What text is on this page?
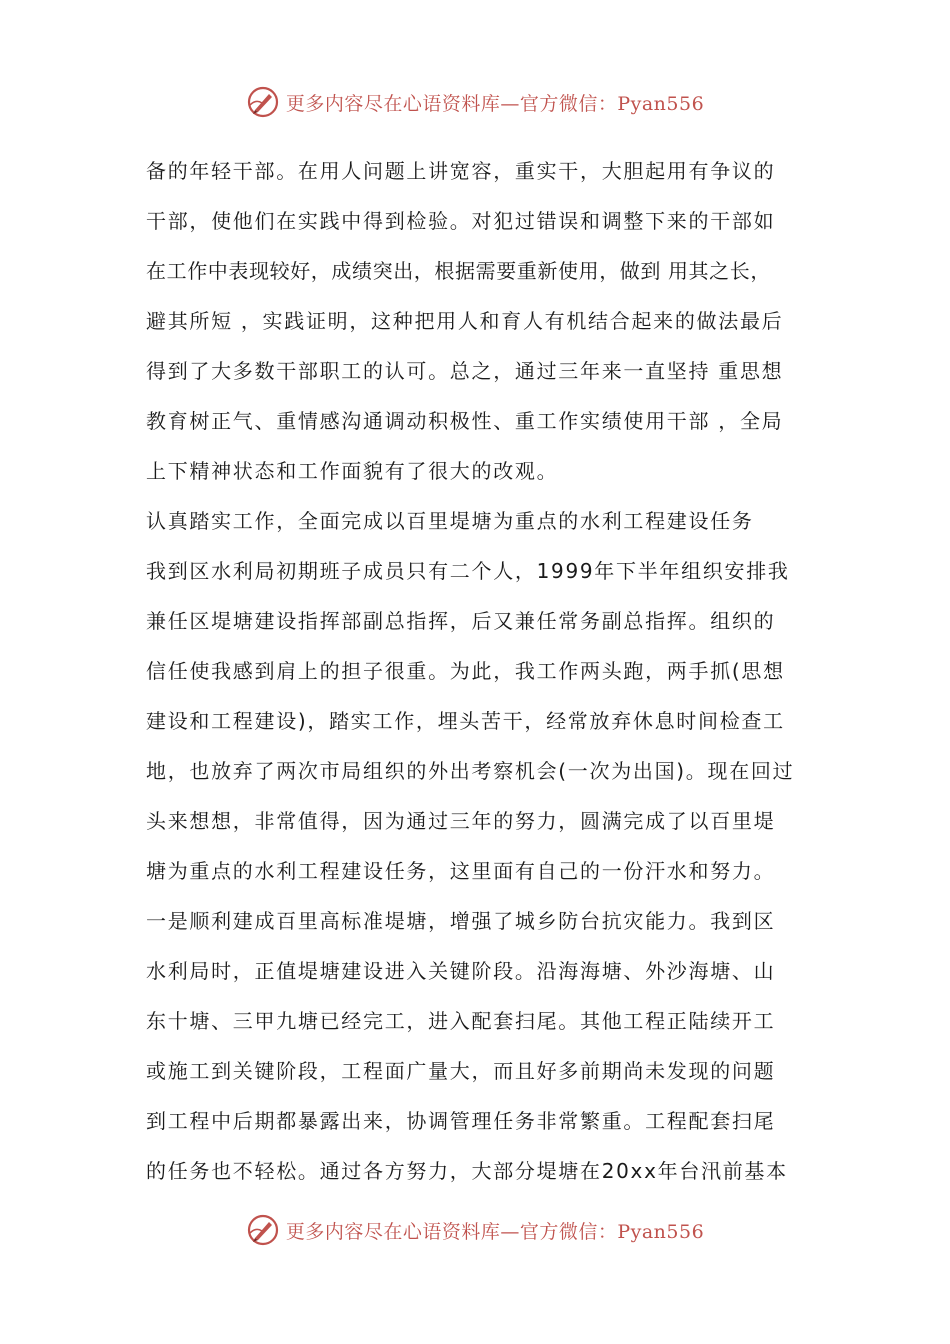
更多内容尽在心语资料库—官方微信：Pyan556
备的年轻干部。在用人问题上讲宽容，重实干，大胆起用有争议的
干部，使他们在实践中得到检验。对犯过错误和调整下来的干部如
在工作中表现较好，成绩突出，根据需要重新使用，做到 用其之长，
避其所短 ，实践证明，这种把用人和育人有机结合起来的做法最后
得到了大多数干部职工的认可。总之，通过三年来一直坚持 重思想
教育树正气、重情感沟通调动积极性、重工作实绩使用干部 ，全局
上下精神状态和工作面貌有了很大的改观。
认真踏实工作，全面完成以百里堤塘为重点的水利工程建设任务
我到区水利局初期班子成员只有二个人，1999年下半年组织安排我
兼任区堤塘建设指挥部副总指挥，后又兼任常务副总指挥。组织的
信任使我感到肩上的担子很重。为此，我工作两头跑，两手抓(思想
建设和工程建设)，踏实工作，埋头苦干，经常放弃休息时间检查工
地，也放弃了两次市局组织的外出考察机会(一次为出国)。现在回过
头来想想，非常值得，因为通过三年的努力，圆满完成了以百里堤
塘为重点的水利工程建设任务，这里面有自己的一份汗水和努力。
一是顺利建成百里高标准堤塘，增强了城乡防台抗灾能力。我到区
水利局时，正值堤塘建设进入关键阶段。沿海海塘、外沙海塘、山
东十塘、三甲九塘已经完工，进入配套扫尾。其他工程正陆续开工
或施工到关键阶段，工程面广量大，而且好多前期尚未发现的问题
到工程中后期都暴露出来，协调管理任务非常繁重。工程配套扫尾
的任务也不轻松。通过各方努力，大部分堤塘在20xx年台汛前基本
更多内容尽在心语资料库—官方微信：Pyan556
